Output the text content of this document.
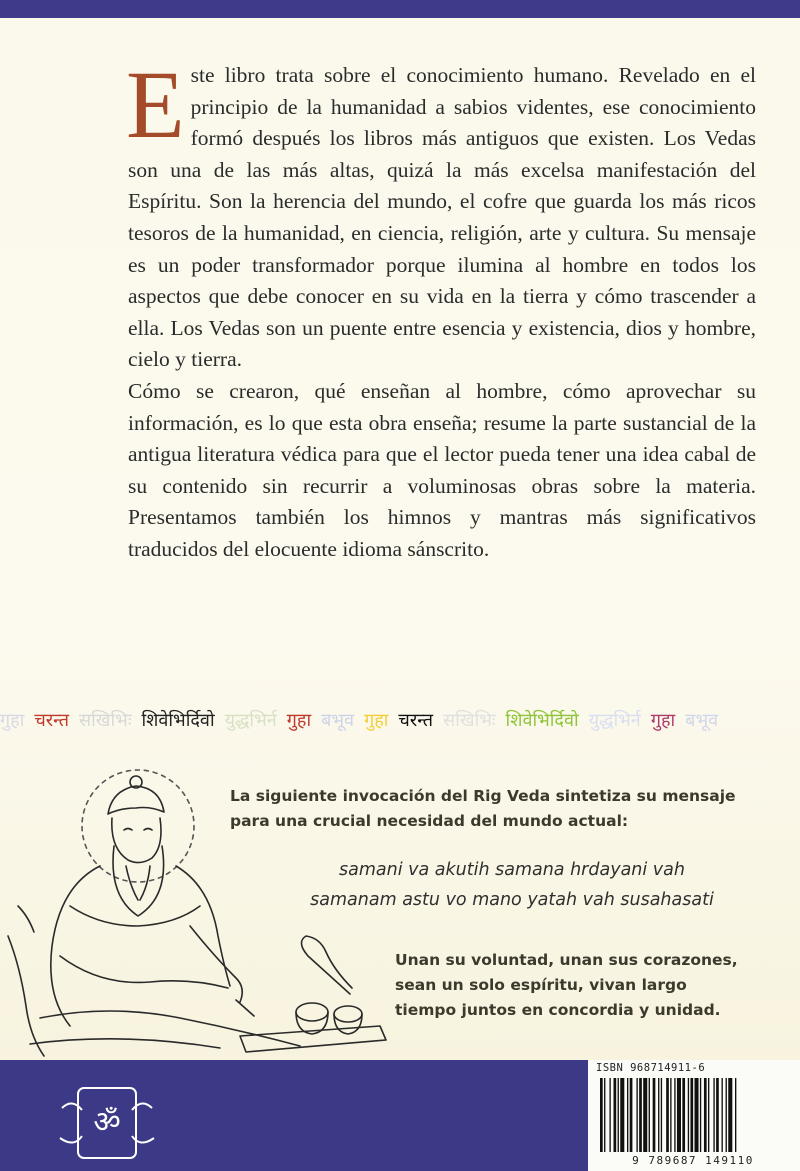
Este libro trata sobre el conocimiento humano. Revelado en el principio de la humanidad a sabios videntes, ese conocimiento formó después los libros más antiguos que existen. Los Vedas son una de las más altas, quizá la más excelsa manifestación del Espíritu. Son la herencia del mundo, el cofre que guarda los más ricos tesoros de la humanidad, en ciencia, religión, arte y cultura. Su mensaje es un poder transformador porque ilumina al hombre en todos los aspectos que debe conocer en su vida en la tierra y cómo trascender a ella. Los Vedas son un puente entre esencia y existencia, dios y hombre, cielo y tierra.

Cómo se crearon, qué enseñan al hombre, cómo aprovechar su información, es lo que esta obra enseña; resume la parte sustancial de la antigua literatura védica para que el lector pueda tener una idea cabal de su contenido sin recurrir a voluminosas obras sobre la materia. Presentamos también los himnos y mantras más significativos traducidos del elocuente idioma sánscrito.

गुहा चरन्त सखिभिः शिवेभिर्दिवो युद्धभिर्न गुहा बभूव गुहा चरन्त सखिभिः शिवेभिर्दिवो युद्धभिर्न गुहा बभूव
La siguiente invocación del Rig Veda sintetiza su mensaje
para una crucial necesidad del mundo actual:
samani va akutih samana hrdayani vah
samanam astu vo mano yatah vah susahasati
Unan su voluntad, unan sus corazones, sean un solo espíritu, vivan largo tiempo juntos en concordia y unidad.
ॐ
ISBN 968714911-6
9 789687 149110
